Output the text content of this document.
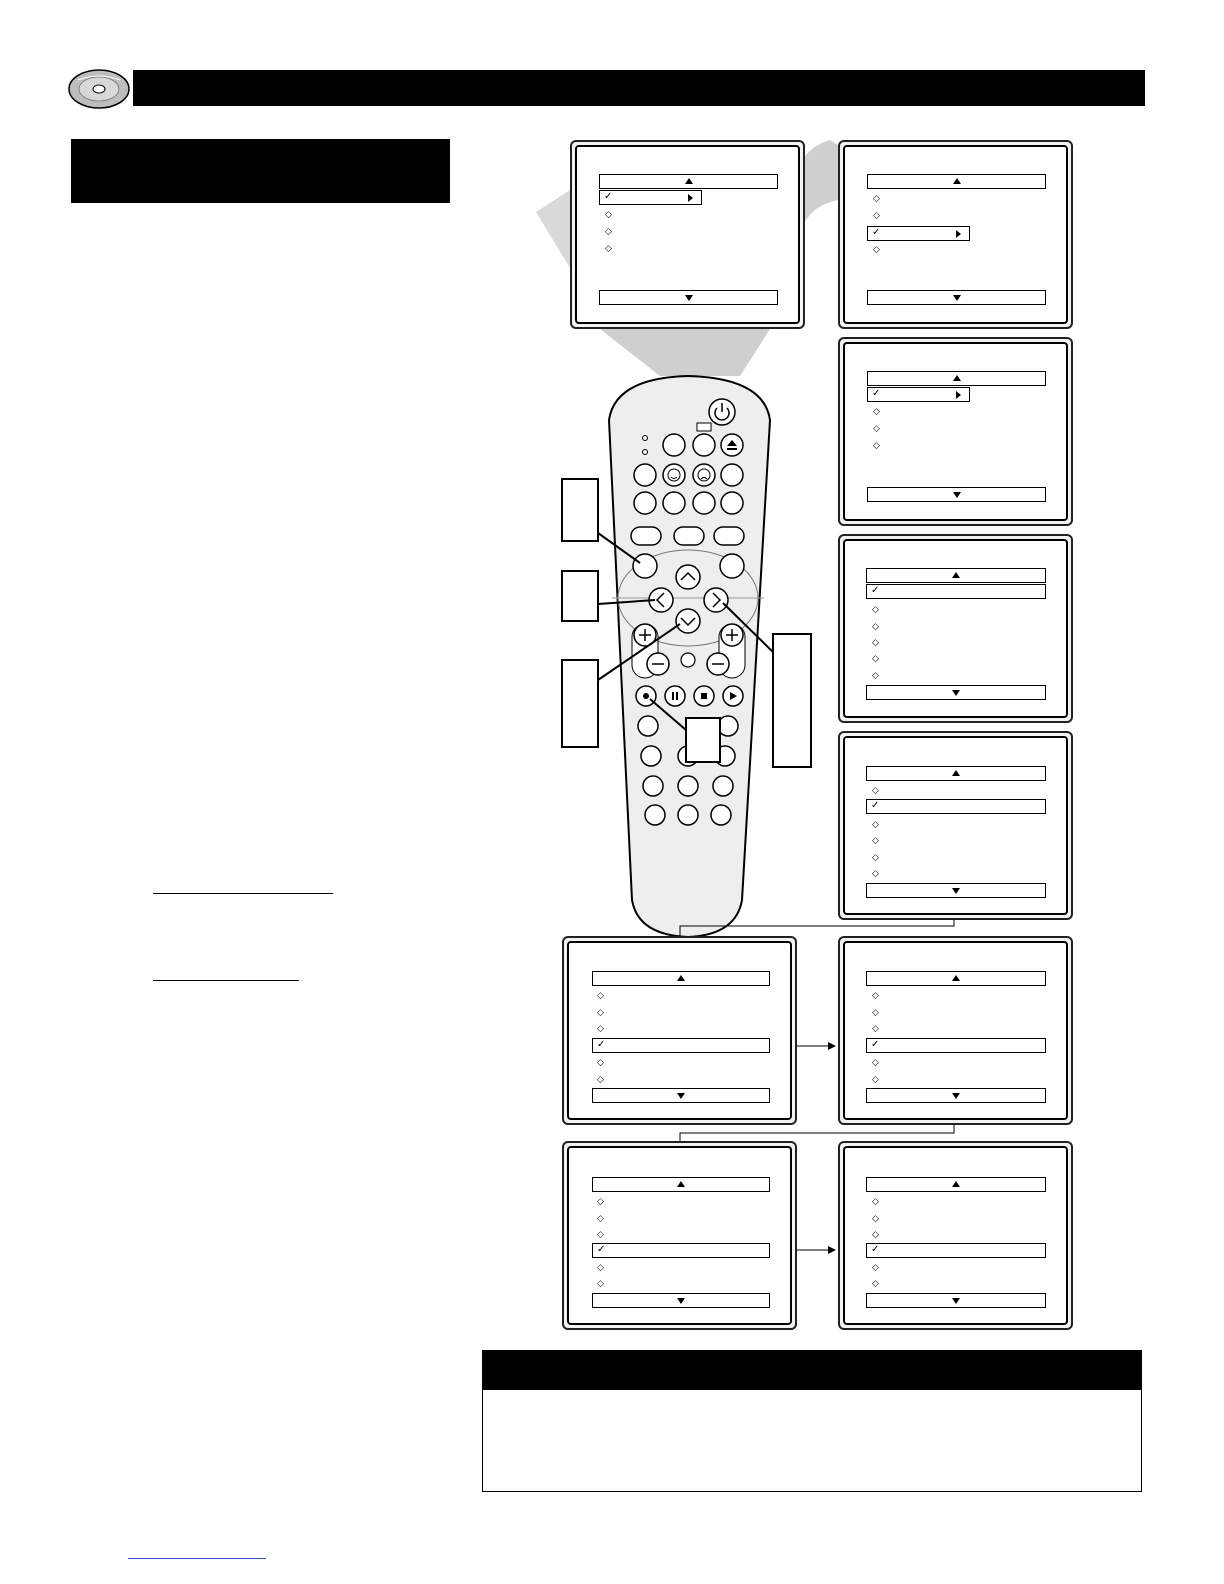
✓
◇
◇
◇
◇
◇
✓
◇
✓
◇
◇
◇
✓
◇
◇
◇
◇
◇
◇
✓
◇
◇
◇
◇
◇
◇
◇
✓
◇
◇
◇
◇
◇
✓
◇
◇
◇
◇
◇
✓
◇
◇
◇
◇
◇
✓
◇
◇
